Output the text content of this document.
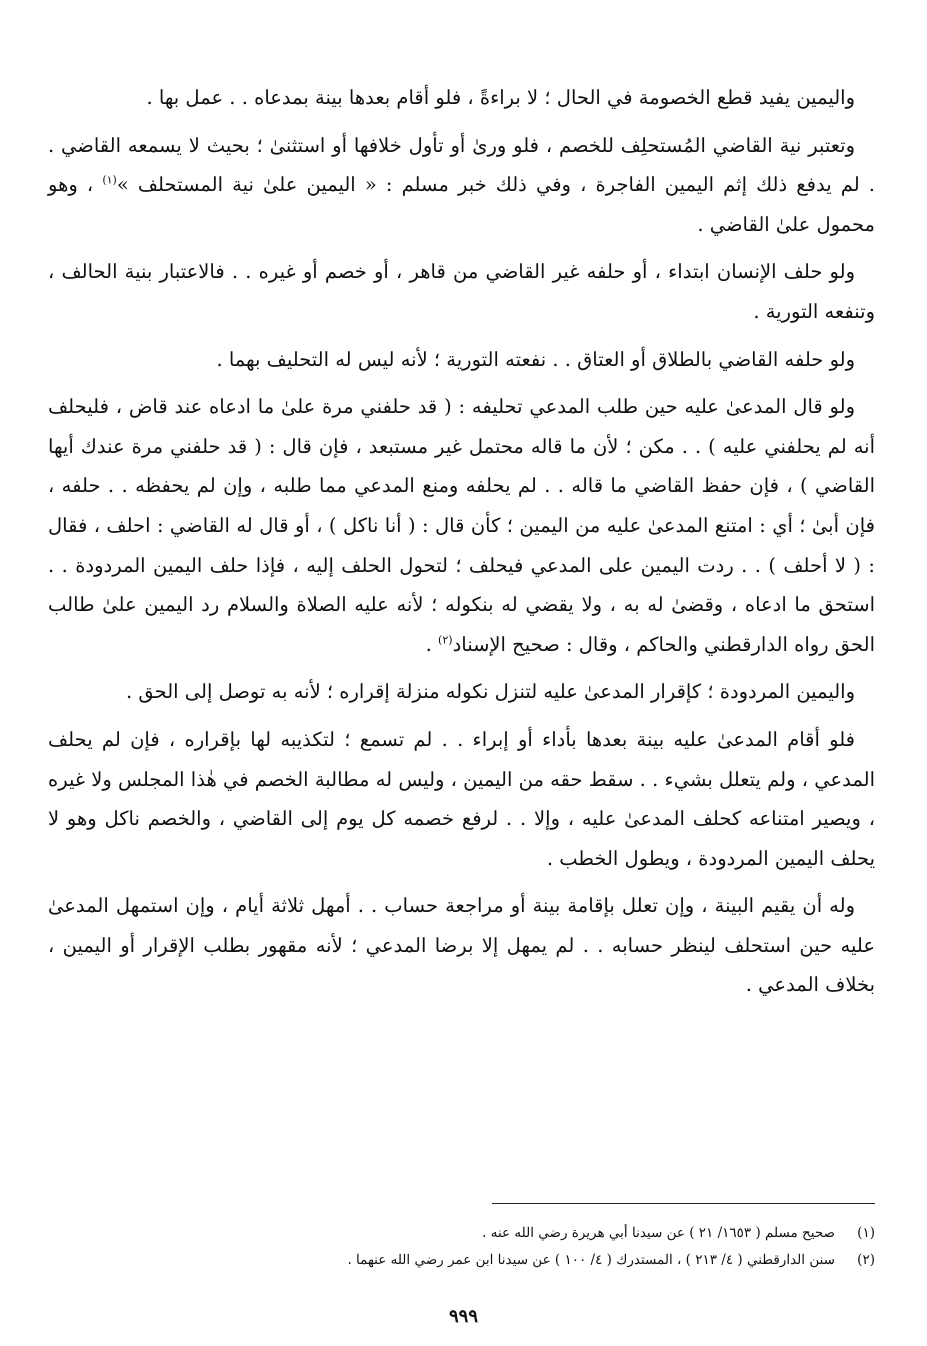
واليمين يفيد قطع الخصومة في الحال ؛ لا براءةً ، فلو أقام بعدها بينة بمدعاه . . عمل بها .

وتعتبر نية القاضي المُستحلِف للخصم ، فلو ورىٰ أو تأول خلافها أو استثنىٰ ؛ بحيث لا يسمعه القاضي . . لم يدفع ذلك إثم اليمين الفاجرة ، وفي ذلك خبر مسلم : « اليمين علىٰ نية المستحلف »$^{(١)}$ ، وهو محمول علىٰ القاضي .

ولو حلف الإنسان ابتداء ، أو حلفه غير القاضي من قاهر ، أو خصم أو غيره . . فالاعتبار بنية الحالف ، وتنفعه التورية .

ولو حلفه القاضي بالطلاق أو العتاق . . نفعته التورية ؛ لأنه ليس له التحليف بهما .

ولو قال المدعىٰ عليه حين طلب المدعي تحليفه : ( قد حلفني مرة علىٰ ما ادعاه عند قاض ، فليحلف أنه لم يحلفني عليه ) . . مكن ؛ لأن ما قاله محتمل غير مستبعد ، فإن قال : ( قد حلفني مرة عندك أيها القاضي ) ، فإن حفظ القاضي ما قاله . . لم يحلفه ومنع المدعي مما طلبه ، وإن لم يحفظه . . حلفه ، فإن أبىٰ ؛ أي : امتنع المدعىٰ عليه من اليمين ؛ كأن قال : ( أنا ناكل ) ، أو قال له القاضي : احلف ، فقال : ( لا أحلف ) . . ردت اليمين على المدعي فيحلف ؛ لتحول الحلف إليه ، فإذا حلف اليمين المردودة . . استحق ما ادعاه ، وقضىٰ له به ، ولا يقضي له بنكوله ؛ لأنه عليه الصلاة والسلام رد اليمين علىٰ طالب الحق رواه الدارقطني والحاكم ، وقال : صحيح الإسناد$^{(٢)}$ .

واليمين المردودة ؛ كإقرار المدعىٰ عليه لتنزل نكوله منزلة إقراره ؛ لأنه به توصل إلى الحق .

فلو أقام المدعىٰ عليه بينة بعدها بأداء أو إبراء . . لم تسمع ؛ لتكذيبه لها بإقراره ، فإن لم يحلف المدعي ، ولم يتعلل بشيء . . سقط حقه من اليمين ، وليس له مطالبة الخصم في هٰذا المجلس ولا غيره ، ويصير امتناعه كحلف المدعىٰ عليه ، وإلا . . لرفع خصمه كل يوم إلى القاضي ، والخصم ناكل وهو لا يحلف اليمين المردودة ، ويطول الخطب .

وله أن يقيم البينة ، وإن تعلل بإقامة بينة أو مراجعة حساب . . أمهل ثلاثة أيام ، وإن استمهل المدعىٰ عليه حين استحلف لينظر حسابه . . لم يمهل إلا برضا المدعي ؛ لأنه مقهور بطلب الإقرار أو اليمين ، بخلاف المدعي .

(١)
صحيح مسلم ( ١٦٥٣/ ٢١ ) عن سيدنا أبي هريرة رضي الله عنه .
(٢)
سنن الدارقطني ( ٤/ ٢١٣ ) ، المستدرك ( ٤/ ١٠٠ ) عن سيدنا ابن عمر رضي الله عنهما .
٩٩٩
